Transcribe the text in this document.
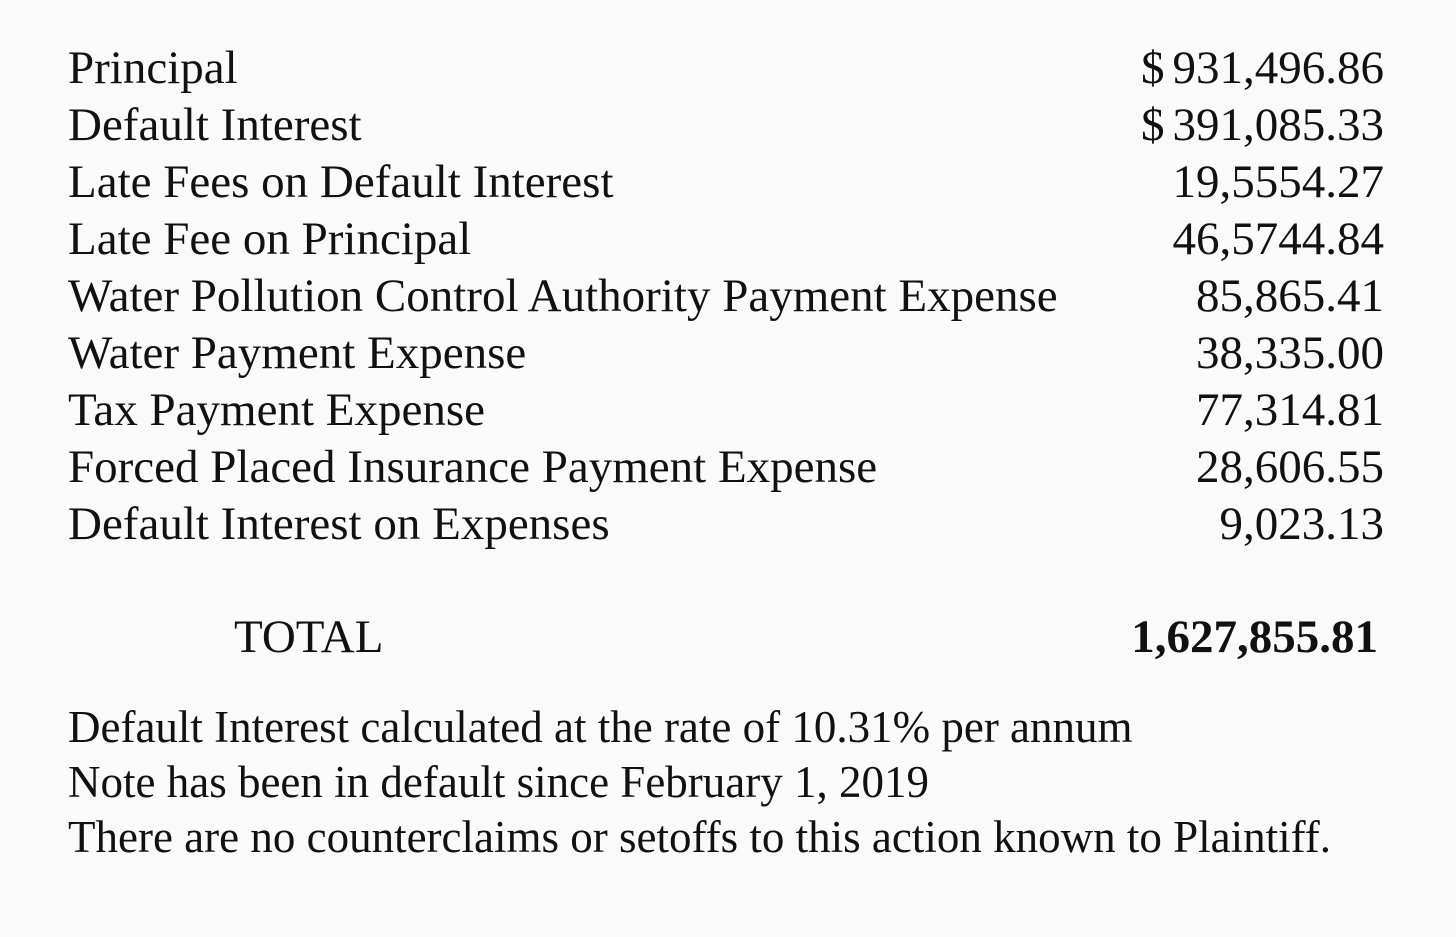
Principal	$ 931,496.86
Default Interest	$ 391,085.33
Late Fees on Default Interest	19,5554.27
Late Fee on Principal	46,5744.84
Water Pollution Control Authority Payment Expense	85,865.41
Water Payment Expense	38,335.00
Tax Payment Expense	77,314.81
Forced Placed Insurance Payment Expense	28,606.55
Default Interest on Expenses	9,023.13
TOTAL	1,627,855.81
Default Interest calculated at the rate of 10.31% per annum
Note has been in default since February 1, 2019
There are no counterclaims or setoffs to this action known to Plaintiff.
